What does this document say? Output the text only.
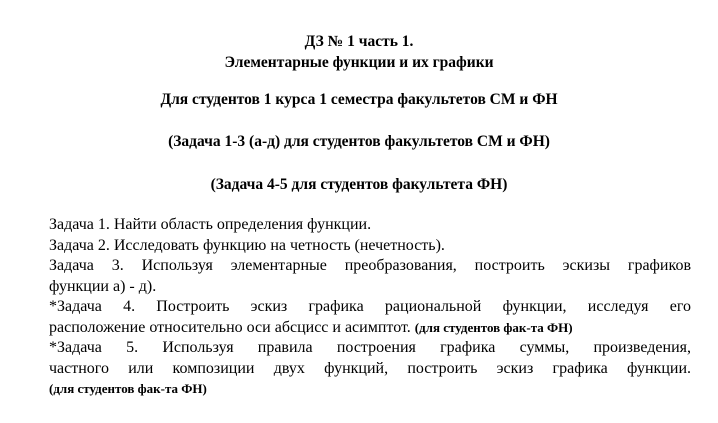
ДЗ № 1 часть 1.
Элементарные функции и их графики
Для студентов 1 курса 1 семестра факультетов СМ и ФН
(Задача 1-3 (а-д) для студентов факультетов СМ и ФН)
(Задача 4-5 для студентов факультета ФН)
Задача 1. Найти область определения функции.
Задача 2. Исследовать функцию на четность (нечетность).
Задача 3. Используя элементарные преобразования, построить эскизы графиков
функции а) - д).
*Задача 4. Построить эскиз графика рациональной функции, исследуя его
расположение относительно оси абсцисс и асимптот. (для студентов фак-та ФН)
*Задача 5. Используя правила построения графика суммы, произведения,
частного или композиции двух функций, построить эскиз графика функции.
(для студентов фак-та ФН)
